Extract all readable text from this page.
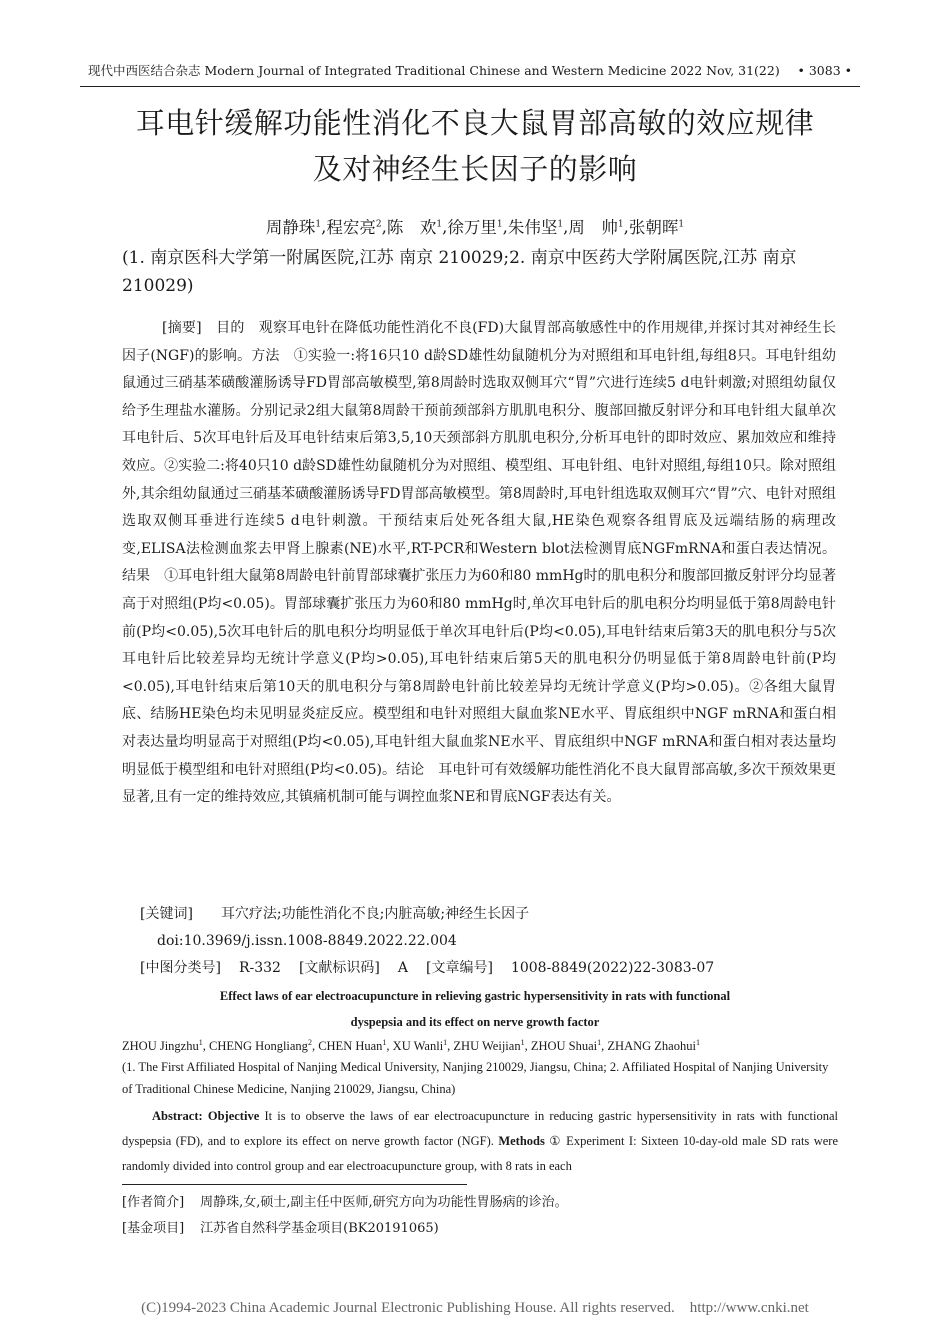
现代中西医结合杂志 Modern Journal of Integrated Traditional Chinese and Western Medicine 2022 Nov, 31(22) • 3083 •
耳电针缓解功能性消化不良大鼠胃部高敏的效应规律
及对神经生长因子的影响
周静珠$^1$,程宏亮$^2$,陈　欢$^1$,徐万里$^1$,朱伟坚$^1$,周　帅$^1$,张朝晖$^1$
(1. 南京医科大学第一附属医院,江苏 南京 210029;2. 南京中医药大学附属医院,江苏 南京 210029)
[摘要]　 目的　观察耳电针在降低功能性消化不良(FD)大鼠胃部高敏感性中的作用规律,并探讨其对神经生长因子(NGF)的影响。方法　①实验一:将16只10 d龄SD雄性幼鼠随机分为对照组和耳电针组,每组8只。耳电针组幼鼠通过三硝基苯磺酸灌肠诱导FD胃部高敏模型,第8周龄时选取双侧耳穴“胃”穴进行连续5 d电针刺激;对照组幼鼠仅给予生理盐水灌肠。分别记录2组大鼠第8周龄干预前颈部斜方肌肌电积分、腹部回撤反射评分和耳电针组大鼠单次耳电针后、5次耳电针后及耳电针结束后第3,5,10天颈部斜方肌肌电积分,分析耳电针的即时效应、累加效应和维持效应。②实验二:将40只10 d龄SD雄性幼鼠随机分为对照组、模型组、耳电针组、电针对照组,每组10只。除对照组外,其余组幼鼠通过三硝基苯磺酸灌肠诱导FD胃部高敏模型。第8周龄时,耳电针组选取双侧耳穴“胃”穴、电针对照组选取双侧耳垂进行连续5 d电针刺激。干预结束后处死各组大鼠,HE染色观察各组胃底及远端结肠的病理改变,ELISA法检测血浆去甲肾上腺素(NE)水平,RT-PCR和Western blot法检测胃底NGFmRNA和蛋白表达情况。结果　①耳电针组大鼠第8周龄电针前胃部球囊扩张压力为60和80 mmHg时的肌电积分和腹部回撤反射评分均显著高于对照组(P均<0.05)。胃部球囊扩张压力为60和80 mmHg时,单次耳电针后的肌电积分均明显低于第8周龄电针前(P均<0.05),5次耳电针后的肌电积分均明显低于单次耳电针后(P均<0.05),耳电针结束后第3天的肌电积分与5次耳电针后比较差异均无统计学意义(P均>0.05),耳电针结束后第5天的肌电积分仍明显低于第8周龄电针前(P均<0.05),耳电针结束后第10天的肌电积分与第8周龄电针前比较差异均无统计学意义(P均>0.05)。②各组大鼠胃底、结肠HE染色均未见明显炎症反应。模型组和电针对照组大鼠血浆NE水平、胃底组织中NGF mRNA和蛋白相对表达量均明显高于对照组(P均<0.05),耳电针组大鼠血浆NE水平、胃底组织中NGF mRNA和蛋白相对表达量均明显低于模型组和电针对照组(P均<0.05)。结论　耳电针可有效缓解功能性消化不良大鼠胃部高敏,多次干预效果更显著,且有一定的维持效应,其镇痛机制可能与调控血浆NE和胃底NGF表达有关。
[关键词]　　 耳穴疗法;功能性消化不良;内脏高敏;神经生长因子
doi:10.3969/j.issn.1008-8849.2022.22.004
[中图分类号] R-332 [文献标识码] A [文章编号] 1008-8849(2022)22-3083-07
Effect laws of ear electroacupuncture in relieving gastric hypersensitivity in rats with functional
dyspepsia and its effect on nerve growth factor
ZHOU Jingzhu$^1$, CHENG Hongliang$^2$, CHEN Huan$^1$, XU Wanli$^1$, ZHU Weijian$^1$, ZHOU Shuai$^1$, ZHANG Zhaohui$^1$
(1. The First Affiliated Hospital of Nanjing Medical University, Nanjing 210029, Jiangsu, China; 2. Affiliated Hospital of Nanjing University of Traditional Chinese Medicine, Nanjing 210029, Jiangsu, China)
Abstract: Objective It is to observe the laws of ear electroacupuncture in reducing gastric hypersensitivity in rats with functional dyspepsia (FD), and to explore its effect on nerve growth factor (NGF). Methods ① Experiment I: Sixteen 10-day-old male SD rats were randomly divided into control group and ear electroacupuncture group, with 8 rats in each
[作者简介] 周静珠,女,硕士,副主任中医师,研究方向为功能性胃肠病的诊治。
[基金项目] 江苏省自然科学基金项目(BK20191065)
(C)1994-2023 China Academic Journal Electronic Publishing House. All rights reserved.　http://www.cnki.net
